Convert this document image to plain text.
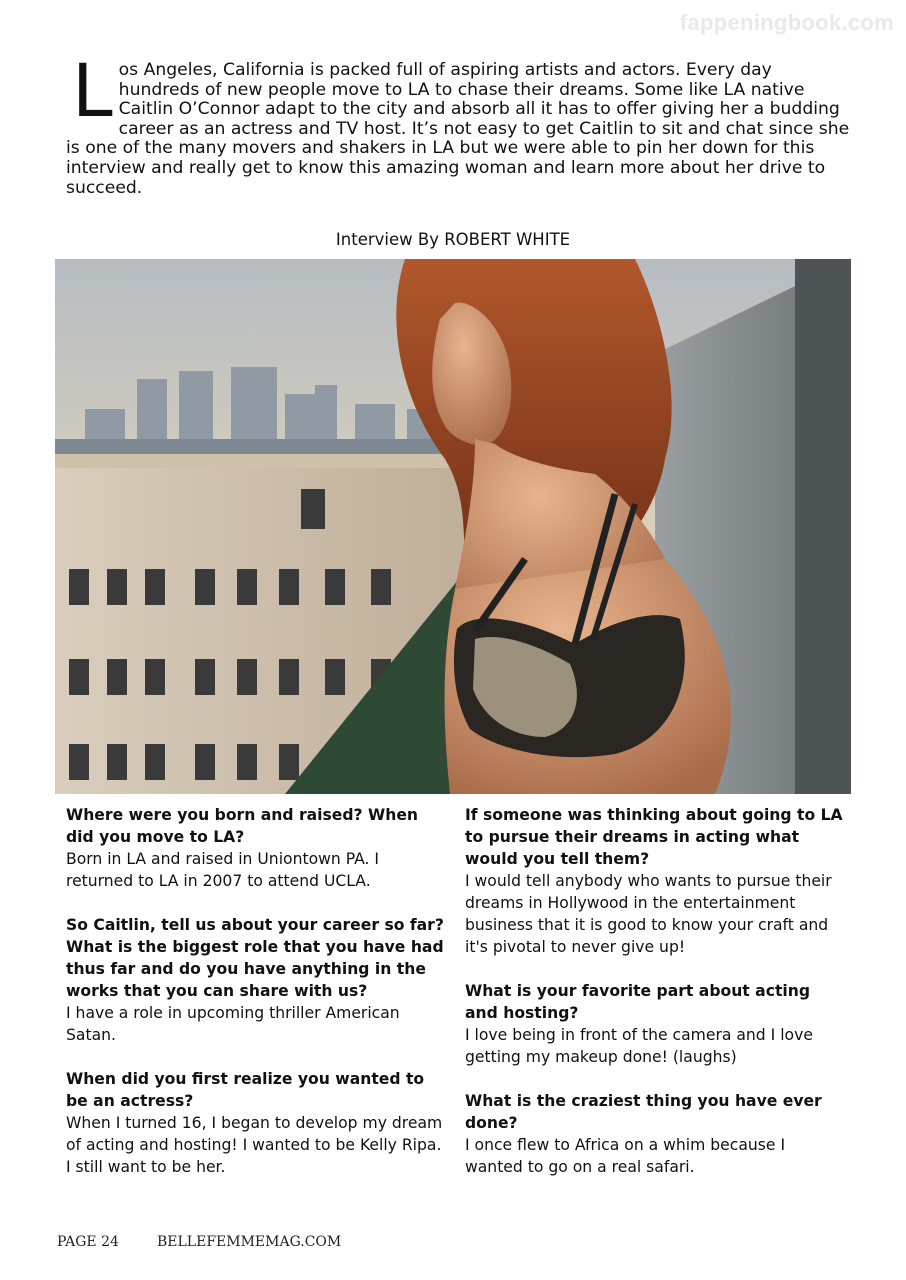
fappeningbook.com
Los Angeles, California is packed full of aspiring artists and actors. Every day hundreds of new people move to LA to chase their dreams. Some like LA native Caitlin O’Connor adapt to the city and absorb all it has to offer giving her a budding career as an actress and TV host. It’s not easy to get Caitlin to sit and chat since she is one of the many movers and shakers in LA but we were able to pin her down for this interview and really get to know this amazing woman and learn more about her drive to succeed.
Interview By ROBERT WHITE

Where were you born and raised? When did you move to LA?

Born in LA and raised in Uniontown PA. I returned to LA in 2007 to attend UCLA.

So Caitlin, tell us about your career so far? What is the biggest role that you have had thus far and do you have anything in the works that you can share with us?

I have a role in upcoming thriller American Satan.

When did you first realize you wanted to be an actress?

When I turned 16, I began to develop my dream of acting and hosting! I wanted to be Kelly Ripa. I still want to be her.

If someone was thinking about going to LA to pursue their dreams in acting what would you tell them?

I would tell anybody who wants to pursue their dreams in Hollywood in the entertainment business that it is good to know your craft and it's pivotal to never give up!

What is your favorite part about acting and hosting?

I love being in front of the camera and I love getting my makeup done! (laughs)

What is the craziest thing you have ever done?

I once flew to Africa on a whim because I wanted to go on a real safari.

PAGE 24	BELLEFEMMEMAG.COM
